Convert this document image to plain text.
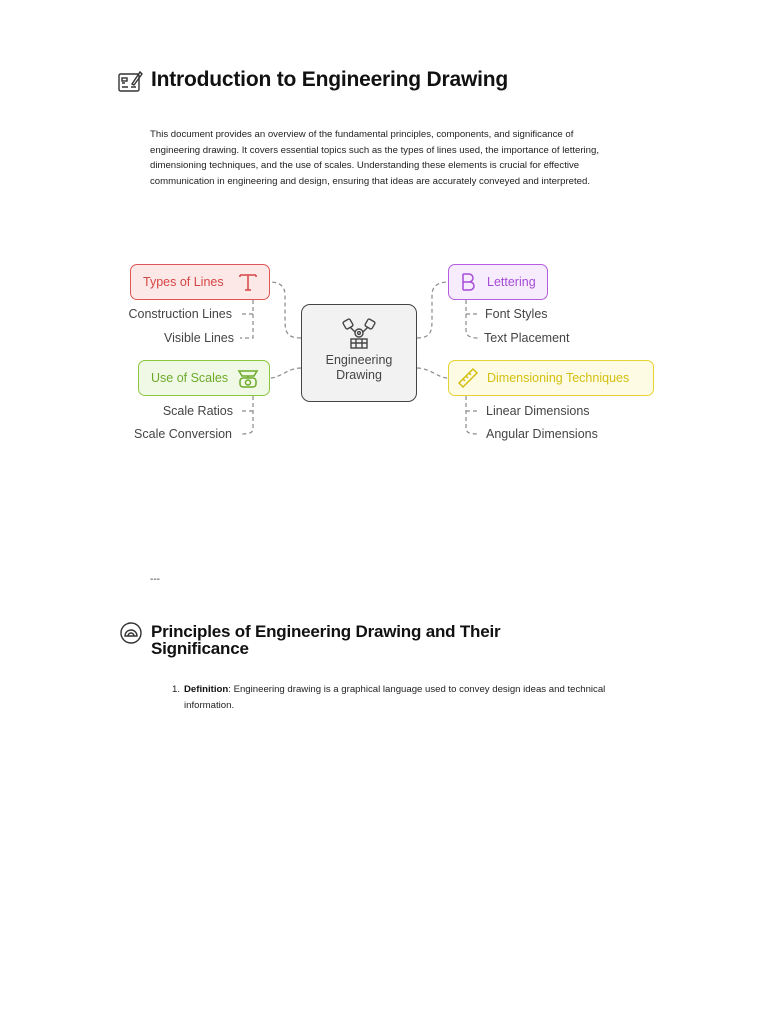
Introduction to Engineering Drawing

This document provides an overview of the fundamental principles, components, and significance of engineering drawing. It covers essential topics such as the types of lines used, the importance of lettering, dimensioning techniques, and the use of scales. Understanding these elements is crucial for effective communication in engineering and design, ensuring that ideas are accurately conveyed and interpreted.

Types of Lines	Lettering
Use of Scales	Dimensioning Techniques
Engineering
Drawing
Construction Lines
Visible Lines
Font Styles
Text Placement
Scale Ratios
Scale Conversion
Linear Dimensions
Angular Dimensions
---
Principles of Engineering Drawing and Their Significance
1. Definition: Engineering drawing is a graphical language used to convey design ideas and technical information.
